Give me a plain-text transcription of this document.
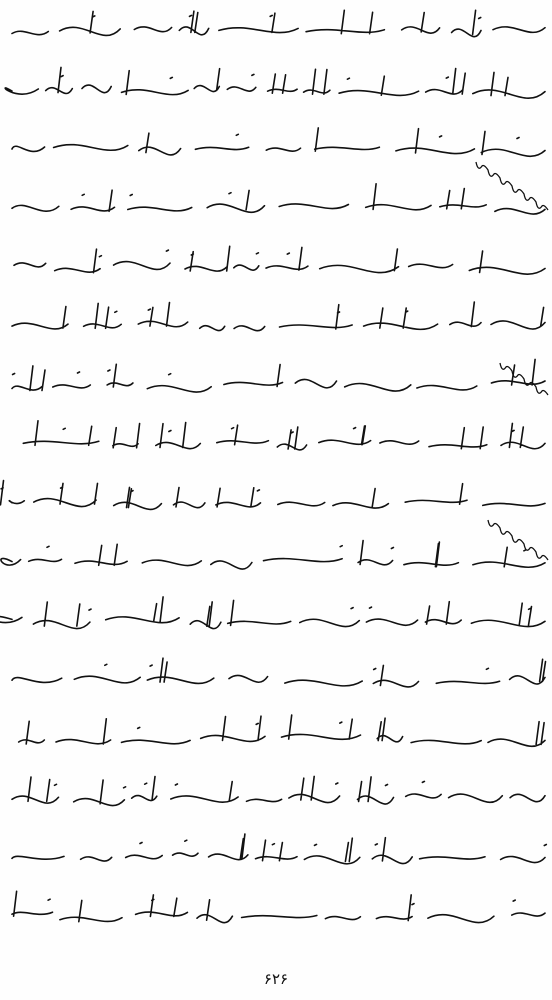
۶۲۶
